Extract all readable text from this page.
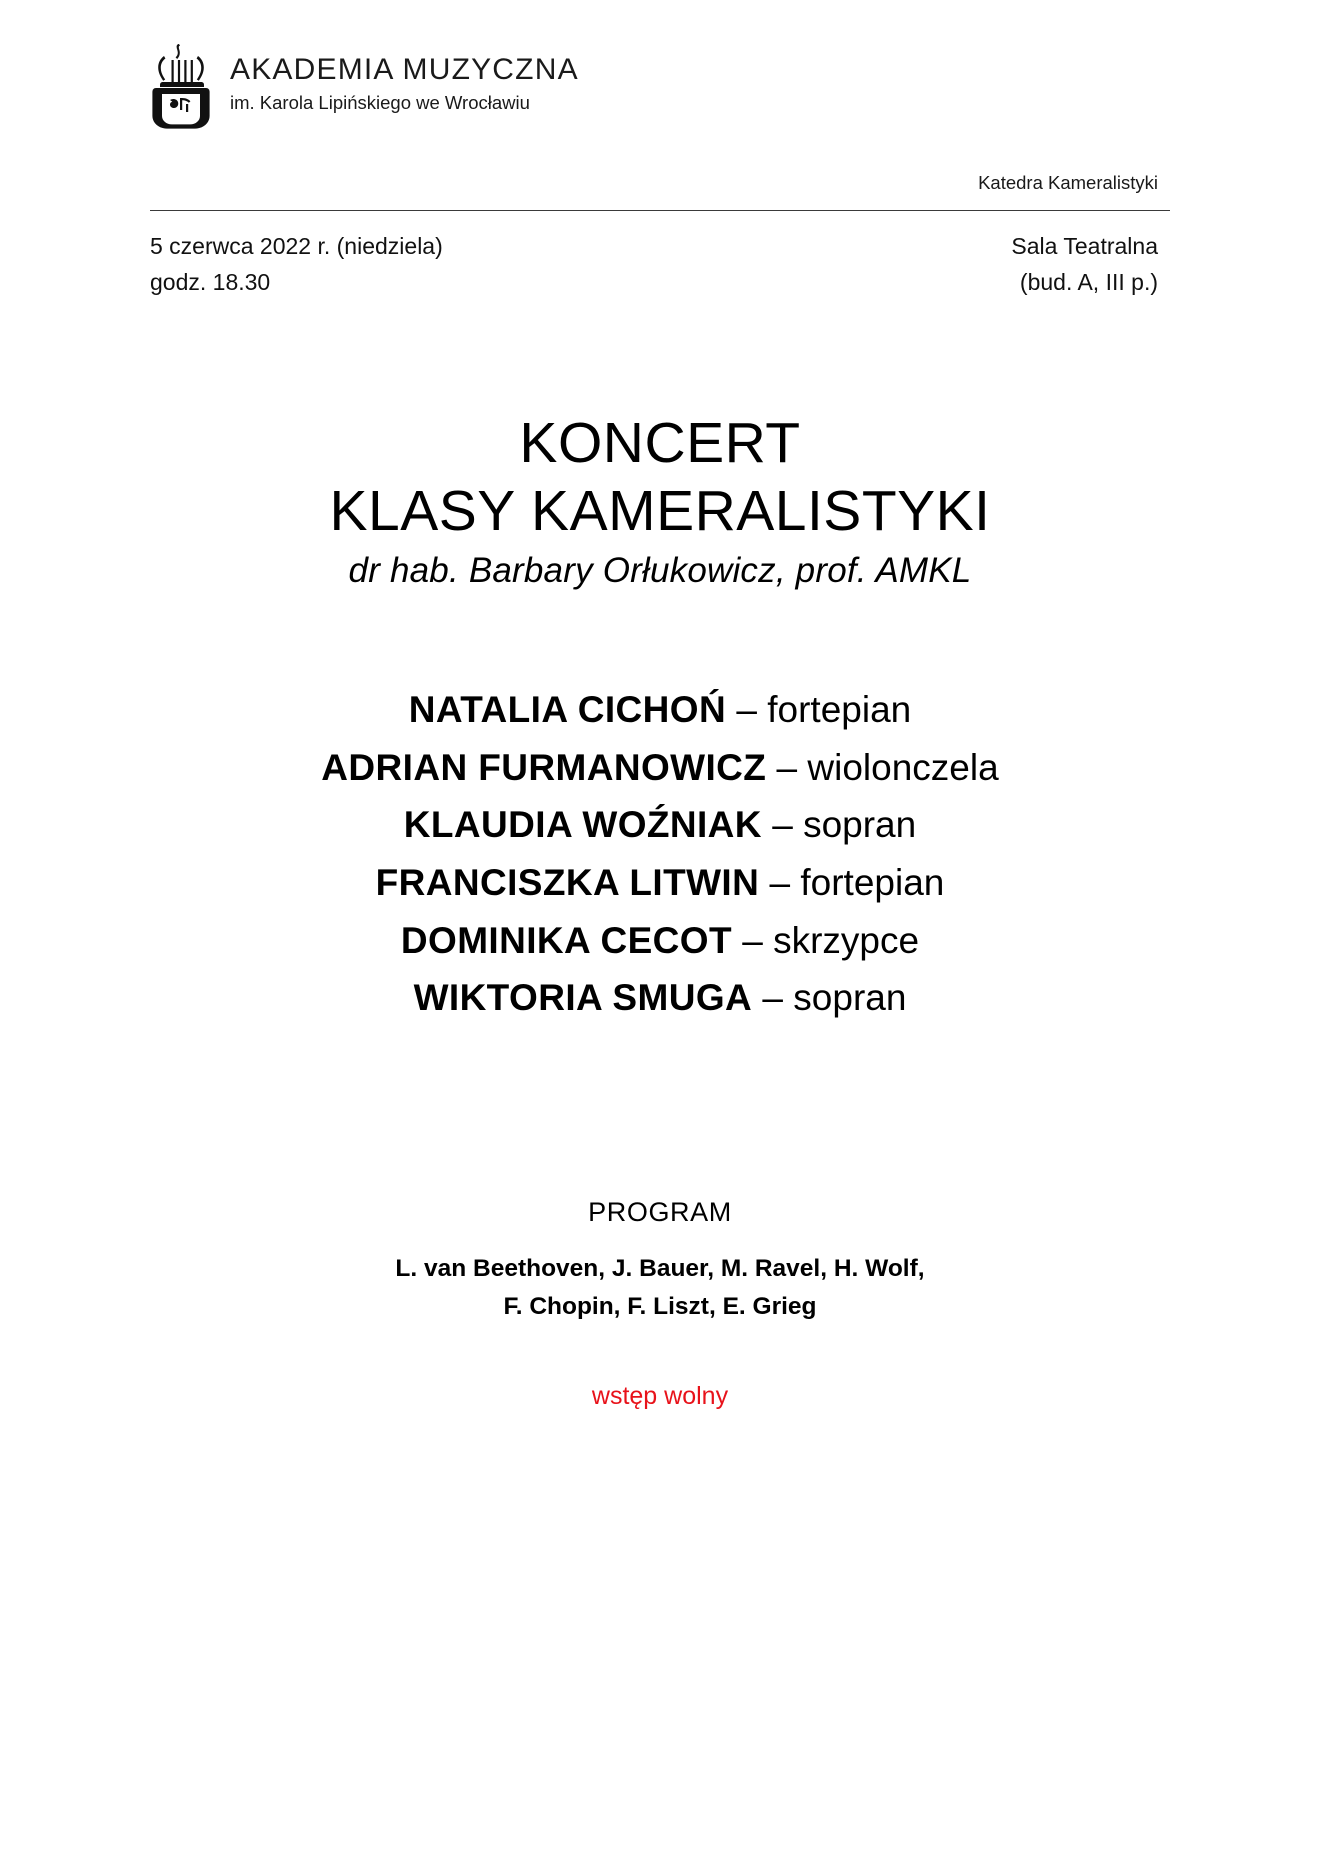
AKADEMIA MUZYCZNA
im. Karola Lipińskiego we Wrocławiu
Katedra Kameralistyki
5 czerwca 2022 r. (niedziela)
godz. 18.30
Sala Teatralna
(bud. A, III p.)
KONCERT
KLASY KAMERALISTYKI
dr hab. Barbary Orłukowicz, prof. AMKL
NATALIA CICHOŃ – fortepian
ADRIAN FURMANOWICZ – wiolonczela
KLAUDIA WOŹNIAK – sopran
FRANCISZKA LITWIN – fortepian
DOMINIKA CECOT – skrzypce
WIKTORIA SMUGA – sopran
PROGRAM
L. van Beethoven, J. Bauer, M. Ravel, H. Wolf,
F. Chopin, F. Liszt, E. Grieg
wstęp wolny
